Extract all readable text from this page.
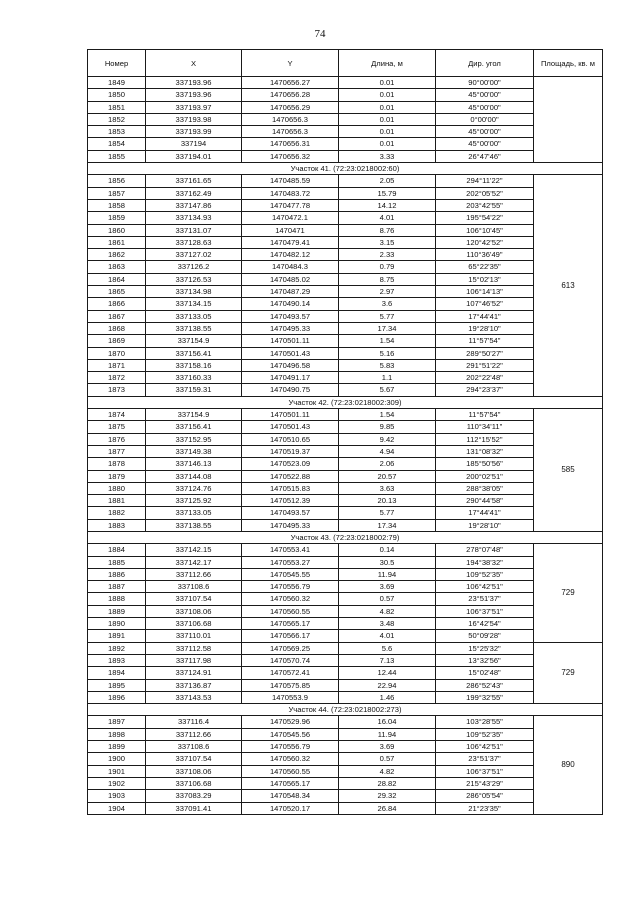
74
Номер	X	Y	Длина, м	Дир. угол	Площадь, кв. м
1849	337193.96	1470656.27	0.01	90°00'00"	
1850	337193.96	1470656.28	0.01	45°00'00"	
1851	337193.97	1470656.29	0.01	45°00'00"	
1852	337193.98	1470656.3	0.01	0°00'00"	
1853	337193.99	1470656.3	0.01	45°00'00"	
1854	337194	1470656.31	0.01	45°00'00"	
1855	337194.01	1470656.32	3.33	26°47'46"	
Участок 41. (72:23:0218002:60)					
1856	337161.65	1470485.59	2.05	294°11'22"	613
1857	337162.49	1470483.72	15.79	202°05'52"	
1858	337147.86	1470477.78	14.12	203°42'55"	
1859	337134.93	1470472.1	4.01	195°54'22"	
1860	337131.07	1470471	8.76	106°10'45"	
1861	337128.63	1470479.41	3.15	120°42'52"	
1862	337127.02	1470482.12	2.33	110°36'49"	
1863	337126.2	1470484.3	0.79	65°22'35"	
1864	337126.53	1470485.02	8.75	15°02'13"	
1865	337134.98	1470487.29	2.97	106°14'13"	
1866	337134.15	1470490.14	3.6	107°46'52"	
1867	337133.05	1470493.57	5.77	17°44'41"	
1868	337138.55	1470495.33	17.34	19°28'10"	
1869	337154.9	1470501.11	1.54	11°57'54"	
1870	337156.41	1470501.43	5.16	289°50'27"	
1871	337158.16	1470496.58	5.83	291°51'22"	
1872	337160.33	1470491.17	1.1	202°22'48"	
1873	337159.31	1470490.75	5.67	294°23'37"	
Участок 42. (72:23:0218002:309)					
1874	337154.9	1470501.11	1.54	11°57'54"	585
1875	337156.41	1470501.43	9.85	110°34'11"	
1876	337152.95	1470510.65	9.42	112°15'52"	
1877	337149.38	1470519.37	4.94	131°08'32"	
1878	337146.13	1470523.09	2.06	185°50'56"	
1879	337144.08	1470522.88	20.57	200°02'51"	
1880	337124.76	1470515.83	3.63	288°38'05"	
1881	337125.92	1470512.39	20.13	290°44'58"	
1882	337133.05	1470493.57	5.77	17°44'41"	
1883	337138.55	1470495.33	17.34	19°28'10"	
Участок 43. (72:23:0218002:79)					
1884	337142.15	1470553.41	0.14	278°07'48"	729
1885	337142.17	1470553.27	30.5	194°38'32"	
1886	337112.66	1470545.55	11.94	109°52'35"	
1887	337108.6	1470556.79	3.69	106°42'51"	
1888	337107.54	1470560.32	0.57	23°51'37"	
1889	337108.06	1470560.55	4.82	106°37'51"	
1890	337106.68	1470565.17	3.48	16°42'54"	
1891	337110.01	1470566.17	4.01	50°09'28"	
1892	337112.58	1470569.25	5.6	15°25'32"	729
1893	337117.98	1470570.74	7.13	13°32'56"	
1894	337124.91	1470572.41	12.44	15°02'48"	
1895	337136.87	1470575.85	22.94	286°52'43"	
1896	337143.53	1470553.9	1.46	199°32'55"	
Участок 44. (72:23:0218002:273)					
1897	337116.4	1470529.96	16.04	103°28'55"	890
1898	337112.66	1470545.56	11.94	109°52'35"	
1899	337108.6	1470556.79	3.69	106°42'51"	
1900	337107.54	1470560.32	0.57	23°51'37"	
1901	337108.06	1470560.55	4.82	106°37'51"	
1902	337106.68	1470565.17	28.82	215°43'29"	
1903	337083.29	1470548.34	29.32	286°05'54"	
1904	337091.41	1470520.17	26.84	21°23'35"	
